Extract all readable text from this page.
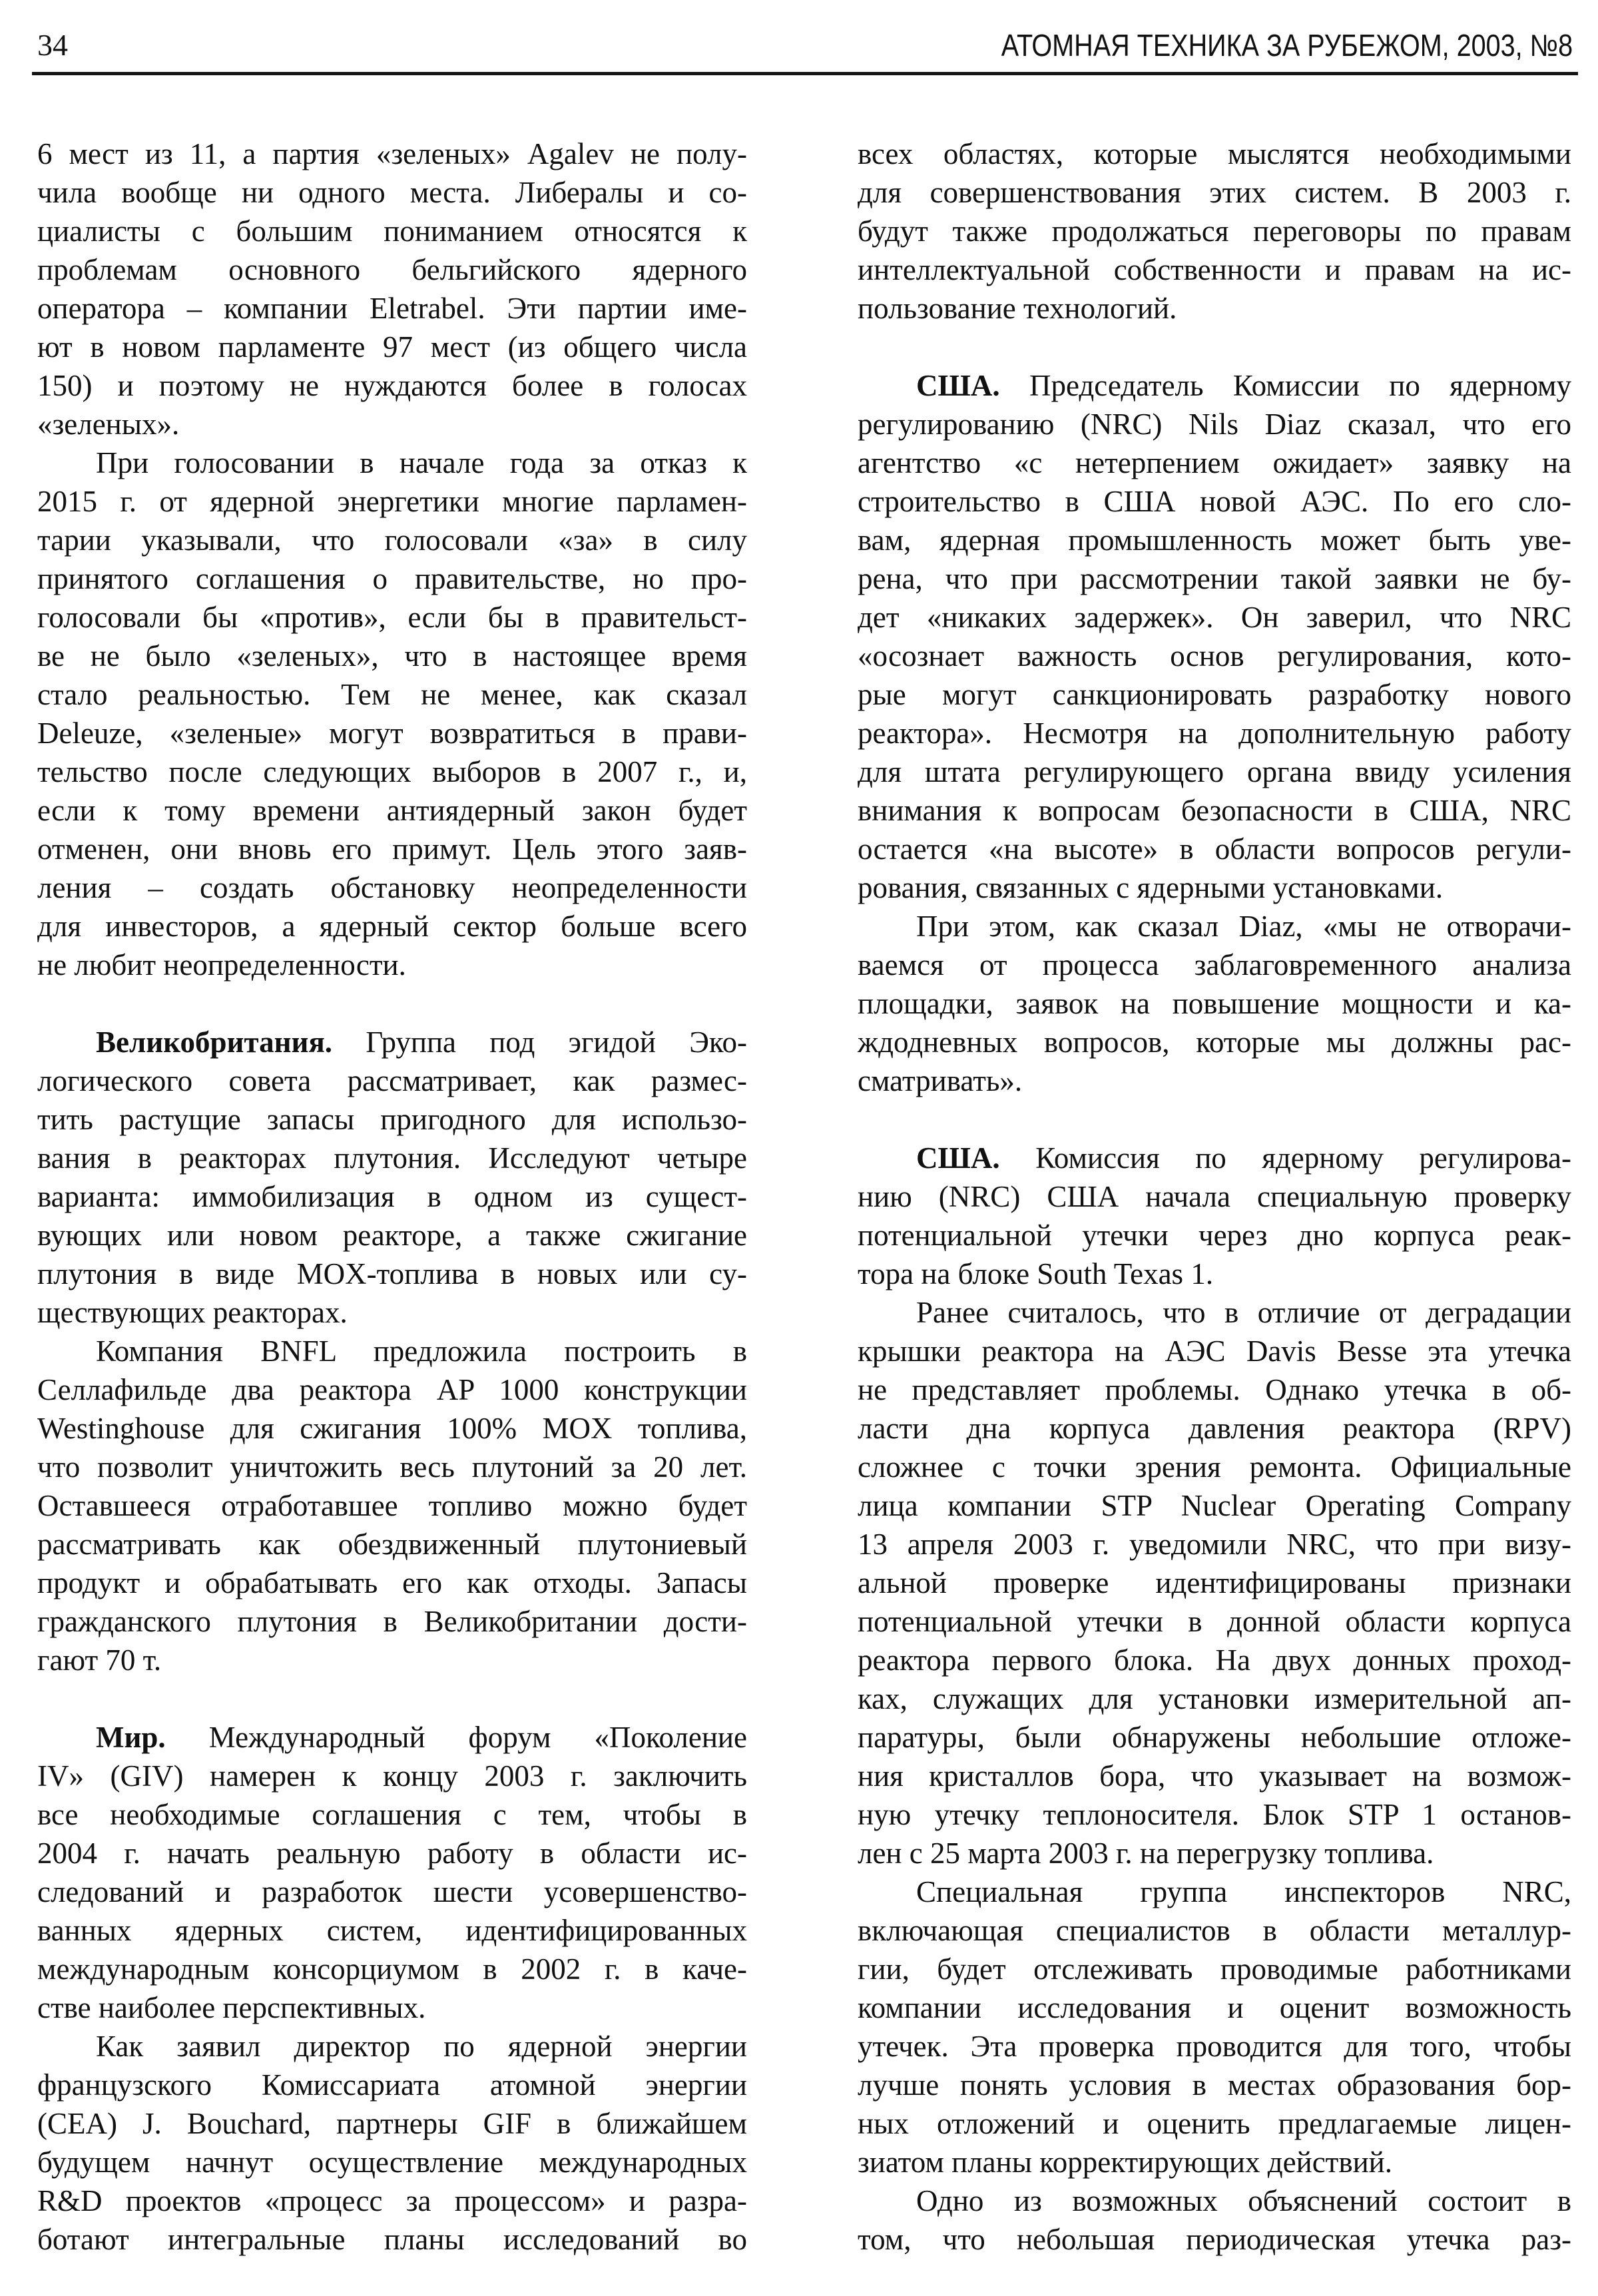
34	АТОМНАЯ ТЕХНИКА ЗА РУБЕЖОМ, 2003, №8
6 мест из 11, а партия «зеленых» Agalev не полу-
чила вообще ни одного места. Либералы и со-
циалисты с большим пониманием относятся к
проблемам основного бельгийского ядерного
оператора – компании Eletrabel. Эти партии име-
ют в новом парламенте 97 мест (из общего числа
150) и поэтому не нуждаются более в голосах
«зеленых».
При голосовании в начале года за отказ к
2015 г. от ядерной энергетики многие парламен-
тарии указывали, что голосовали «за» в силу
принятого соглашения о правительстве, но про-
голосовали бы «против», если бы в правительст-
ве не было «зеленых», что в настоящее время
стало реальностью. Тем не менее, как сказал
Deleuze, «зеленые» могут возвратиться в прави-
тельство после следующих выборов в 2007 г., и,
если к тому времени антиядерный закон будет
отменен, они вновь его примут. Цель этого заяв-
ления – создать обстановку неопределенности
для инвесторов, а ядерный сектор больше всего
не любит неопределенности.
Великобритания. Группа под эгидой Эко-
логического совета рассматривает, как размес-
тить растущие запасы пригодного для использо-
вания в реакторах плутония. Исследуют четыре
варианта: иммобилизация в одном из сущест-
вующих или новом реакторе, а также сжигание
плутония в виде MOX-топлива в новых или су-
ществующих реакторах.
Компания BNFL предложила построить в
Селлафильде два реактора AP 1000 конструкции
Westinghouse для сжигания 100% MOX топлива,
что позволит уничтожить весь плутоний за 20 лет.
Оставшееся отработавшее топливо можно будет
рассматривать как обездвиженный плутониевый
продукт и обрабатывать его как отходы. Запасы
гражданского плутония в Великобритании дости-
гают 70 т.
Мир. Международный форум «Поколение
IV» (GIV) намерен к концу 2003 г. заключить
все необходимые соглашения с тем, чтобы в
2004 г. начать реальную работу в области ис-
следований и разработок шести усовершенство-
ванных ядерных систем, идентифицированных
международным консорциумом в 2002 г. в каче-
стве наиболее перспективных.
Как заявил директор по ядерной энергии
французского Комиссариата атомной энергии
(CEA) J. Bouchard, партнеры GIF в ближайшем
будущем начнут осуществление международных
R&D проектов «процесс за процессом» и разра-
ботают интегральные планы исследований во
всех областях, которые мыслятся необходимыми
для совершенствования этих систем. В 2003 г.
будут также продолжаться переговоры по правам
интеллектуальной собственности и правам на ис-
пользование технологий.
США. Председатель Комиссии по ядерному
регулированию (NRC) Nils Diaz сказал, что его
агентство «с нетерпением ожидает» заявку на
строительство в США новой АЭС. По его сло-
вам, ядерная промышленность может быть уве-
рена, что при рассмотрении такой заявки не бу-
дет «никаких задержек». Он заверил, что NRC
«осознает важность основ регулирования, кото-
рые могут санкционировать разработку нового
реактора». Несмотря на дополнительную работу
для штата регулирующего органа ввиду усиления
внимания к вопросам безопасности в США, NRC
остается «на высоте» в области вопросов регули-
рования, связанных с ядерными установками.
При этом, как сказал Diaz, «мы не отворачи-
ваемся от процесса заблаговременного анализа
площадки, заявок на повышение мощности и ка-
ждодневных вопросов, которые мы должны рас-
сматривать».
США. Комиссия по ядерному регулирова-
нию (NRC) США начала специальную проверку
потенциальной утечки через дно корпуса реак-
тора на блоке South Texas 1.
Ранее считалось, что в отличие от деградации
крышки реактора на АЭС Davis Besse эта утечка
не представляет проблемы. Однако утечка в об-
ласти дна корпуса давления реактора (RPV)
сложнее с точки зрения ремонта. Официальные
лица компании STP Nuclear Operating Company
13 апреля 2003 г. уведомили NRC, что при визу-
альной проверке идентифицированы признаки
потенциальной утечки в донной области корпуса
реактора первого блока. На двух донных проход-
ках, служащих для установки измерительной ап-
паратуры, были обнаружены небольшие отложе-
ния кристаллов бора, что указывает на возмож-
ную утечку теплоносителя. Блок STP 1 останов-
лен с 25 марта 2003 г. на перегрузку топлива.
Специальная группа инспекторов NRC,
включающая специалистов в области металлур-
гии, будет отслеживать проводимые работниками
компании исследования и оценит возможность
утечек. Эта проверка проводится для того, чтобы
лучше понять условия в местах образования бор-
ных отложений и оценить предлагаемые лицен-
зиатом планы корректирующих действий.
Одно из возможных объяснений состоит в
том, что небольшая периодическая утечка раз-
